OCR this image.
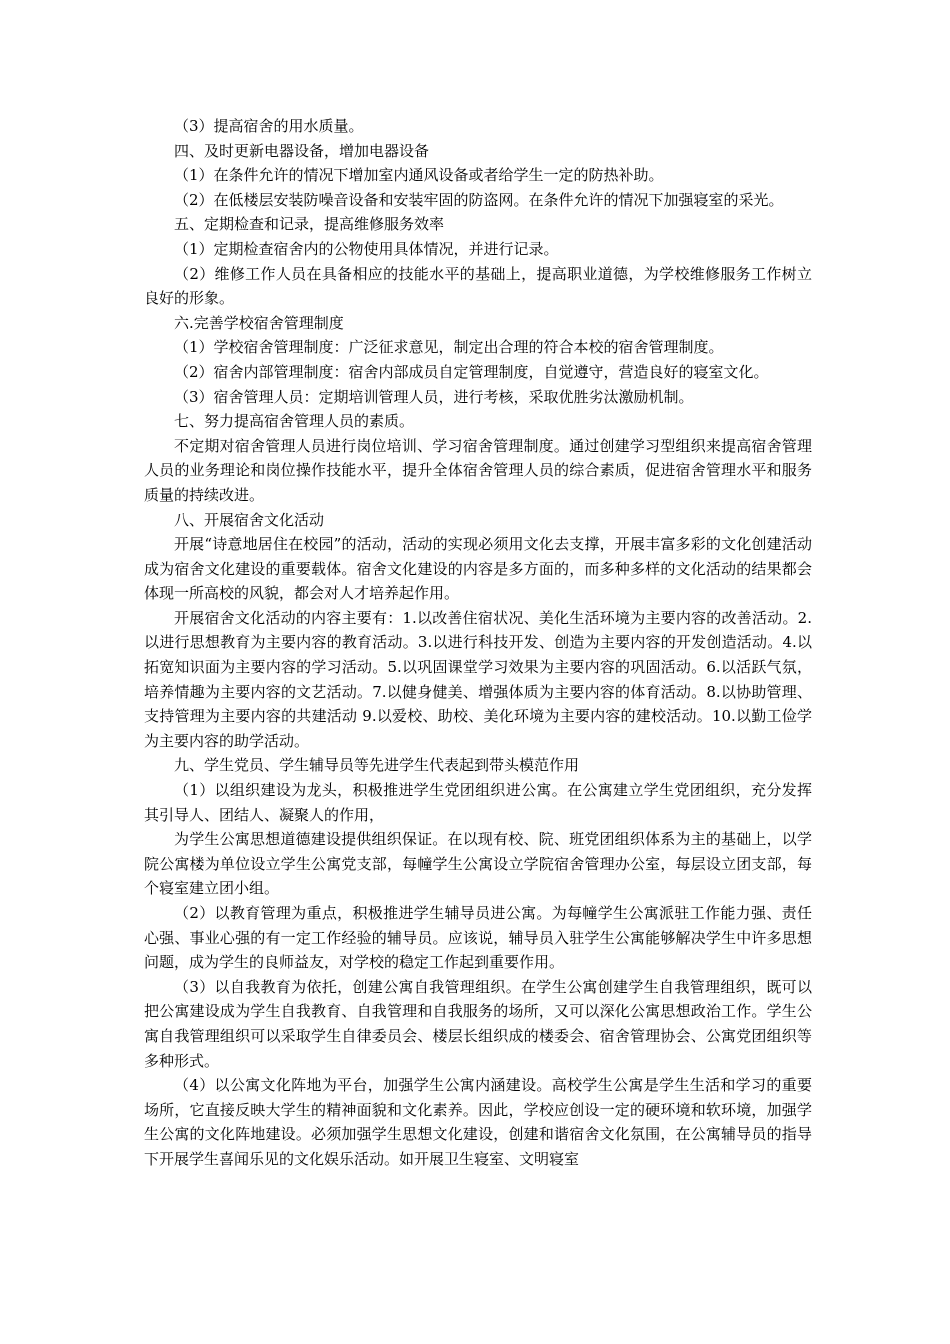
（3）提高宿舍的用水质量。

四、及时更新电器设备，增加电器设备

（1）在条件允许的情况下增加室内通风设备或者给学生一定的防热补助。

（2）在低楼层安装防噪音设备和安装牢固的防盗网。在条件允许的情况下加强寝室的采光。

五、定期检查和记录，提高维修服务效率

（1）定期检查宿舍内的公物使用具体情况，并进行记录。

（2）维修工作人员在具备相应的技能水平的基础上，提高职业道德，为学校维修服务工作树立良好的形象。

六.完善学校宿舍管理制度

（1）学校宿舍管理制度：广泛征求意见，制定出合理的符合本校的宿舍管理制度。

（2）宿舍内部管理制度：宿舍内部成员自定管理制度，自觉遵守，营造良好的寝室文化。

（3）宿舍管理人员：定期培训管理人员，进行考核，采取优胜劣汰激励机制。

七、努力提高宿舍管理人员的素质。

不定期对宿舍管理人员进行岗位培训、学习宿舍管理制度。通过创建学习型组织来提高宿舍管理人员的业务理论和岗位操作技能水平，提升全体宿舍管理人员的综合素质，促进宿舍管理水平和服务质量的持续改进。

八、开展宿舍文化活动

开展“诗意地居住在校园”的活动，活动的实现必须用文化去支撑，开展丰富多彩的文化创建活动成为宿舍文化建设的重要载体。宿舍文化建设的内容是多方面的，而多种多样的文化活动的结果都会体现一所高校的风貌，都会对人才培养起作用。

开展宿舍文化活动的内容主要有：1.以改善住宿状况、美化生活环境为主要内容的改善活动。2.以进行思想教育为主要内容的教育活动。3.以进行科技开发、创造为主要内容的开发创造活动。4.以拓宽知识面为主要内容的学习活动。5.以巩固课堂学习效果为主要内容的巩固活动。6.以活跃气氛，培养情趣为主要内容的文艺活动。7.以健身健美、增强体质为主要内容的体育活动。8.以协助管理、支持管理为主要内容的共建活动 9.以爱校、助校、美化环境为主要内容的建校活动。10.以勤工俭学为主要内容的助学活动。

九、学生党员、学生辅导员等先进学生代表起到带头模范作用

（1）以组织建设为龙头，积极推进学生党团组织进公寓。在公寓建立学生党团组织，充分发挥其引导人、团结人、凝聚人的作用，

为学生公寓思想道德建设提供组织保证。在以现有校、院、班党团组织体系为主的基础上，以学院公寓楼为单位设立学生公寓党支部，每幢学生公寓设立学院宿舍管理办公室，每层设立团支部，每个寝室建立团小组。

（2）以教育管理为重点，积极推进学生辅导员进公寓。为每幢学生公寓派驻工作能力强、责任心强、事业心强的有一定工作经验的辅导员。应该说，辅导员入驻学生公寓能够解决学生中许多思想问题，成为学生的良师益友，对学校的稳定工作起到重要作用。

（3）以自我教育为依托，创建公寓自我管理组织。在学生公寓创建学生自我管理组织，既可以把公寓建设成为学生自我教育、自我管理和自我服务的场所，又可以深化公寓思想政治工作。学生公寓自我管理组织可以采取学生自律委员会、楼层长组织成的楼委会、宿舍管理协会、公寓党团组织等多种形式。

（4）以公寓文化阵地为平台，加强学生公寓内涵建设。高校学生公寓是学生生活和学习的重要场所，它直接反映大学生的精神面貌和文化素养。因此，学校应创设一定的硬环境和软环境，加强学生公寓的文化阵地建设。必须加强学生思想文化建设，创建和谐宿舍文化氛围，在公寓辅导员的指导下开展学生喜闻乐见的文化娱乐活动。如开展卫生寝室、文明寝室
